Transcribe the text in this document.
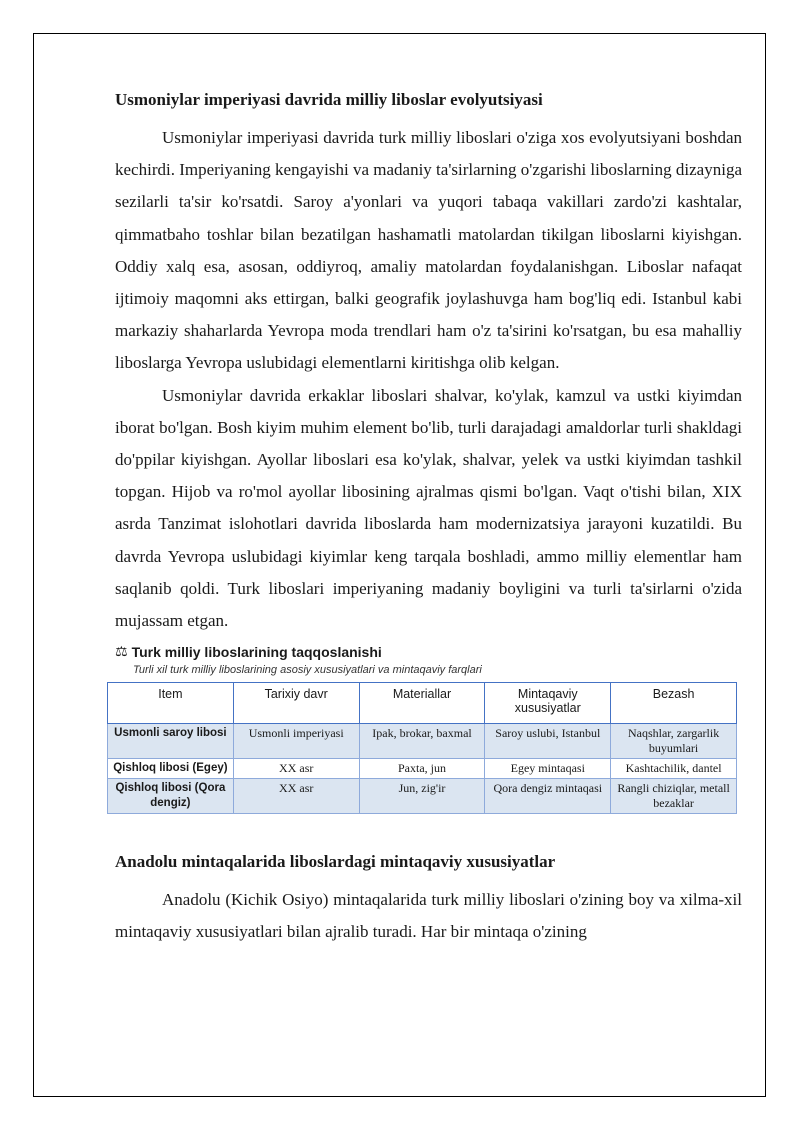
Usmoniylar imperiyasi davrida milliy liboslar evolyutsiyasi

Usmoniylar imperiyasi davrida turk milliy liboslari o'ziga xos evolyutsiyani boshdan kechirdi. Imperiyaning kengayishi va madaniy ta'sirlarning o'zgarishi liboslarning dizayniga sezilarli ta'sir ko'rsatdi. Saroy a'yonlari va yuqori tabaqa vakillari zardo'zi kashtalar, qimmatbaho toshlar bilan bezatilgan hashamatli matolardan tikilgan liboslarni kiyishgan. Oddiy xalq esa, asosan, oddiyroq, amaliy matolardan foydalanishgan. Liboslar nafaqat ijtimoiy maqomni aks ettirgan, balki geografik joylashuvga ham bog'liq edi. Istanbul kabi markaziy shaharlarda Yevropa moda trendlari ham o'z ta'sirini ko'rsatgan, bu esa mahalliy liboslarga Yevropa uslubidagi elementlarni kiritishga olib kelgan.

Usmoniylar davrida erkaklar liboslari shalvar, ko'ylak, kamzul va ustki kiyimdan iborat bo'lgan. Bosh kiyim muhim element bo'lib, turli darajadagi amaldorlar turli shakldagi do'ppilar kiyishgan. Ayollar liboslari esa ko'ylak, shalvar, yelek va ustki kiyimdan tashkil topgan. Hijob va ro'mol ayollar libosining ajralmas qismi bo'lgan. Vaqt o'tishi bilan, XIX asrda Tanzimat islohotlari davrida liboslarda ham modernizatsiya jarayoni kuzatildi. Bu davrda Yevropa uslubidagi kiyimlar keng tarqala boshladi, ammo milliy elementlar ham saqlanib qoldi. Turk liboslari imperiyaning madaniy boyligini va turli ta'sirlarni o'zida mujassam etgan.

⚖ Turk milliy liboslarining taqqoslanishi
Turli xil turk milliy liboslarining asosiy xususiyatlari va mintaqaviy farqlari
Item	Tarixiy davr	Materiallar	Mintaqaviy xususiyatlar	Bezash
Usmonli saroy libosi	Usmonli imperiyasi	Ipak, brokar, baxmal	Saroy uslubi, Istanbul	Naqshlar, zargarlik buyumlari
Qishloq libosi (Egey)	XX asr	Paxta, jun	Egey mintaqasi	Kashtachilik, dantel
Qishloq libosi (Qora dengiz)	XX asr	Jun, zig'ir	Qora dengiz mintaqasi	Rangli chiziqlar, metall bezaklar
Anadolu mintaqalarida liboslardagi mintaqaviy xususiyatlar

Anadolu (Kichik Osiyo) mintaqalarida turk milliy liboslari o'zining boy va xilma-xil mintaqaviy xususiyatlari bilan ajralib turadi. Har bir mintaqa o'zining
